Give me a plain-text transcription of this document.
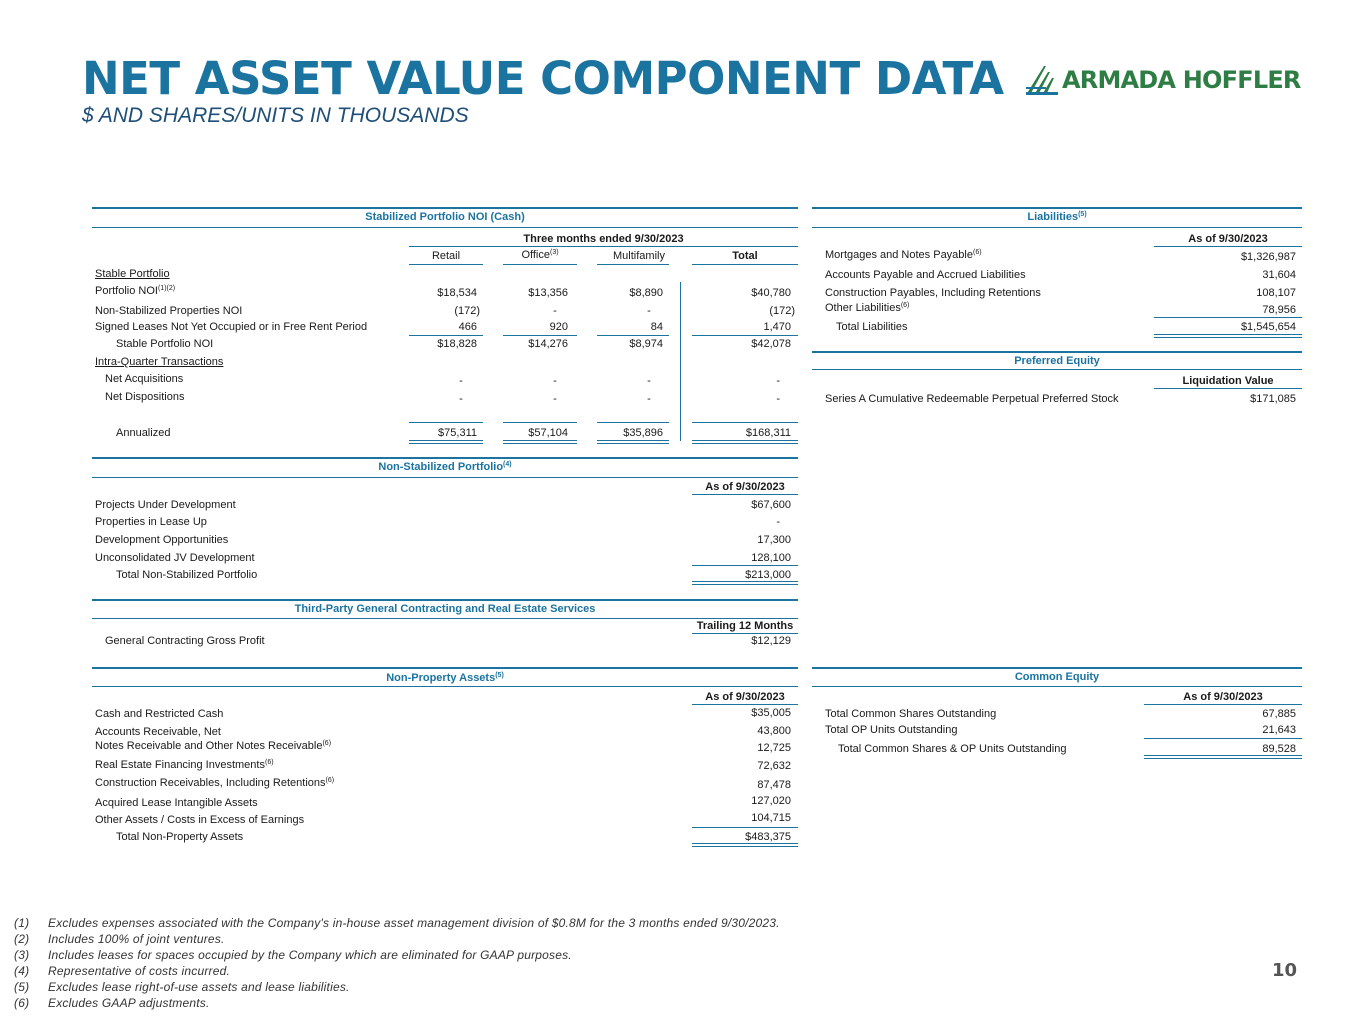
NET ASSET VALUE COMPONENT DATA
$ AND SHARES/UNITS IN THOUSANDS
ARMADA HOFFLER
Stabilized Portfolio NOI (Cash)
Three months ended 9/30/2023
Retail	Office$^{(3)}$	Multifamily	Total
Stable Portfolio
Portfolio $NOI^{(1)(2)}$	$18,534	$13,356	$8,890	$40,780
Non-Stabilized Properties NOI	(172)	-	-	(172)
Signed Leases Not Yet Occupied or in Free Rent Period	466	920	84	1,470
Stable Portfolio NOI	$18,828	$14,276	$8,974	$42,078
Intra-Quarter Transactions
Net Acquisitions	-	-	-	-
Net Dispositions	-	-	-	-
Annualized	$75,311	$57,104	$35,896	$168,311
Non-Stabilized Portfolio$^{(4)}$
As of 9/30/2023
Projects Under Development	$67,600
Properties in Lease Up	-
Development Opportunities	17,300
Unconsolidated JV Development	128,100
Total Non-Stabilized Portfolio	$213,000
Third-Party General Contracting and Real Estate Services
Trailing 12 Months
General Contracting Gross Profit	$12,129
Non-Property Assets$^{(5)}$
As of 9/30/2023
Cash and Restricted Cash	$35,005
Accounts Receivable, Net	43,800
Notes Receivable and Other Notes Receivable$^{(6)}$	12,725
Real Estate Financing Investments$^{(6)}$	72,632
Construction Receivables, Including Retentions$^{(6)}$	87,478
Acquired Lease Intangible Assets	127,020
Other Assets / Costs in Excess of Earnings	104,715
Total Non-Property Assets	$483,375
Liabilities$^{(5)}$
As of 9/30/2023
Mortgages and Notes Payable$^{(6)}$	$1,326,987
Accounts Payable and Accrued Liabilities	31,604
Construction Payables, Including Retentions	108,107
Other Liabilities$^{(6)}$	78,956
Total Liabilities	$1,545,654
Preferred Equity
Liquidation Value
Series A Cumulative Redeemable Perpetual Preferred Stock	$171,085
Common Equity
As of 9/30/2023
Total Common Shares Outstanding	67,885
Total OP Units Outstanding	21,643
Total Common Shares & OP Units Outstanding	89,528
(1) Excludes expenses associated with the Company's in-house asset management division of $0.8M for the 3 months ended 9/30/2023.
(2) Includes 100% of joint ventures.
(3) Includes leases for spaces occupied by the Company which are eliminated for GAAP purposes.
(4) Representative of costs incurred.
(5) Excludes lease right-of-use assets and lease liabilities.
(6) Excludes GAAP adjustments.
10
